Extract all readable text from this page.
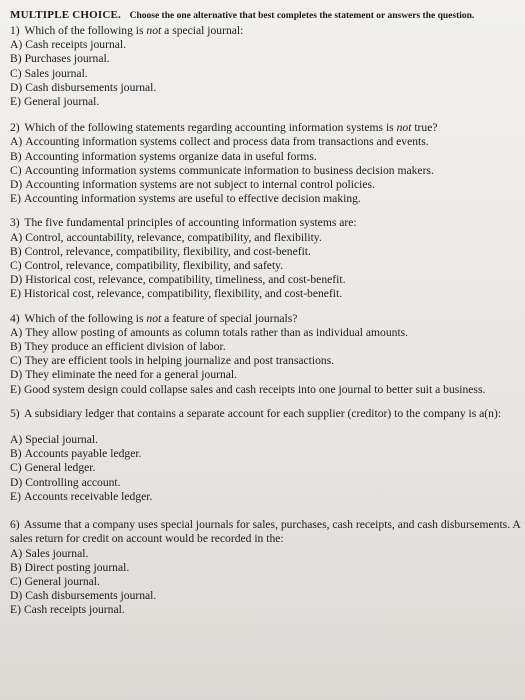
MULTIPLE CHOICE. Choose the one alternative that best completes the statement or answers the question.
1) Which of the following is not a special journal:
A) Cash receipts journal.
B) Purchases journal.
C) Sales journal.
D) Cash disbursements journal.
E) General journal.
2) Which of the following statements regarding accounting information systems is not true?
A) Accounting information systems collect and process data from transactions and events.
B) Accounting information systems organize data in useful forms.
C) Accounting information systems communicate information to business decision makers.
D) Accounting information systems are not subject to internal control policies.
E) Accounting information systems are useful to effective decision making.
3) The five fundamental principles of accounting information systems are:
A) Control, accountability, relevance, compatibility, and flexibility.
B) Control, relevance, compatibility, flexibility, and cost-benefit.
C) Control, relevance, compatibility, flexibility, and safety.
D) Historical cost, relevance, compatibility, timeliness, and cost-benefit.
E) Historical cost, relevance, compatibility, flexibility, and cost-benefit.
4) Which of the following is not a feature of special journals?
A) They allow posting of amounts as column totals rather than as individual amounts.
B) They produce an efficient division of labor.
C) They are efficient tools in helping journalize and post transactions.
D) They eliminate the need for a general journal.
E) Good system design could collapse sales and cash receipts into one journal to better suit a business.
5) A subsidiary ledger that contains a separate account for each supplier (creditor) to the company is a(n):
A) Special journal.
B) Accounts payable ledger.
C) General ledger.
D) Controlling account.
E) Accounts receivable ledger.
6) Assume that a company uses special journals for sales, purchases, cash receipts, and cash disbursements. A sales return for credit on account would be recorded in the:
A) Sales journal.
B) Direct posting journal.
C) General journal.
D) Cash disbursements journal.
E) Cash receipts journal.
